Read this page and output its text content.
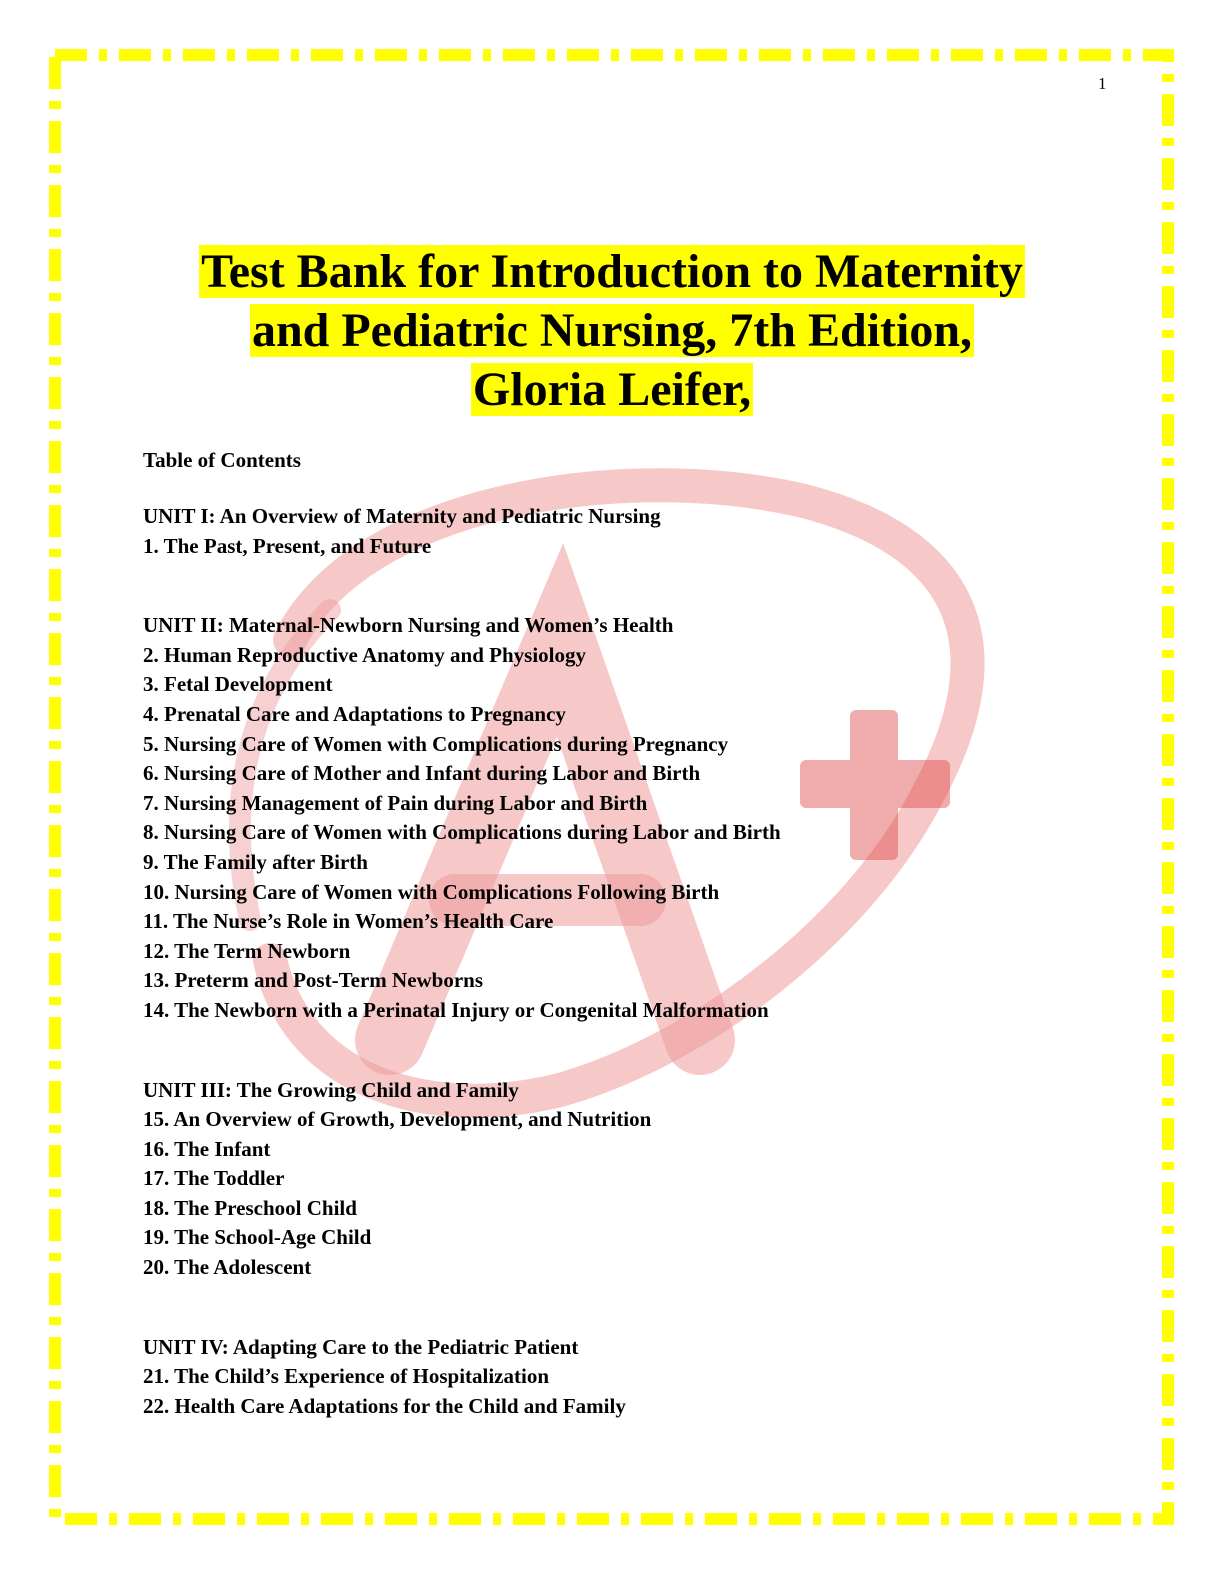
1
Test Bank for Introduction to Maternity
and Pediatric Nursing, 7th Edition,
Gloria Leifer,
Table of Contents
UNIT I: An Overview of Maternity and Pediatric Nursing
1. The Past, Present, and Future
UNIT II: Maternal-Newborn Nursing and Women’s Health
2. Human Reproductive Anatomy and Physiology
3. Fetal Development
4. Prenatal Care and Adaptations to Pregnancy
5. Nursing Care of Women with Complications during Pregnancy
6. Nursing Care of Mother and Infant during Labor and Birth
7. Nursing Management of Pain during Labor and Birth
8. Nursing Care of Women with Complications during Labor and Birth
9. The Family after Birth
10. Nursing Care of Women with Complications Following Birth
11. The Nurse’s Role in Women’s Health Care
12. The Term Newborn
13. Preterm and Post-Term Newborns
14. The Newborn with a Perinatal Injury or Congenital Malformation
UNIT III: The Growing Child and Family
15. An Overview of Growth, Development, and Nutrition
16. The Infant
17. The Toddler
18. The Preschool Child
19. The School-Age Child
20. The Adolescent
UNIT IV: Adapting Care to the Pediatric Patient
21. The Child’s Experience of Hospitalization
22. Health Care Adaptations for the Child and Family
